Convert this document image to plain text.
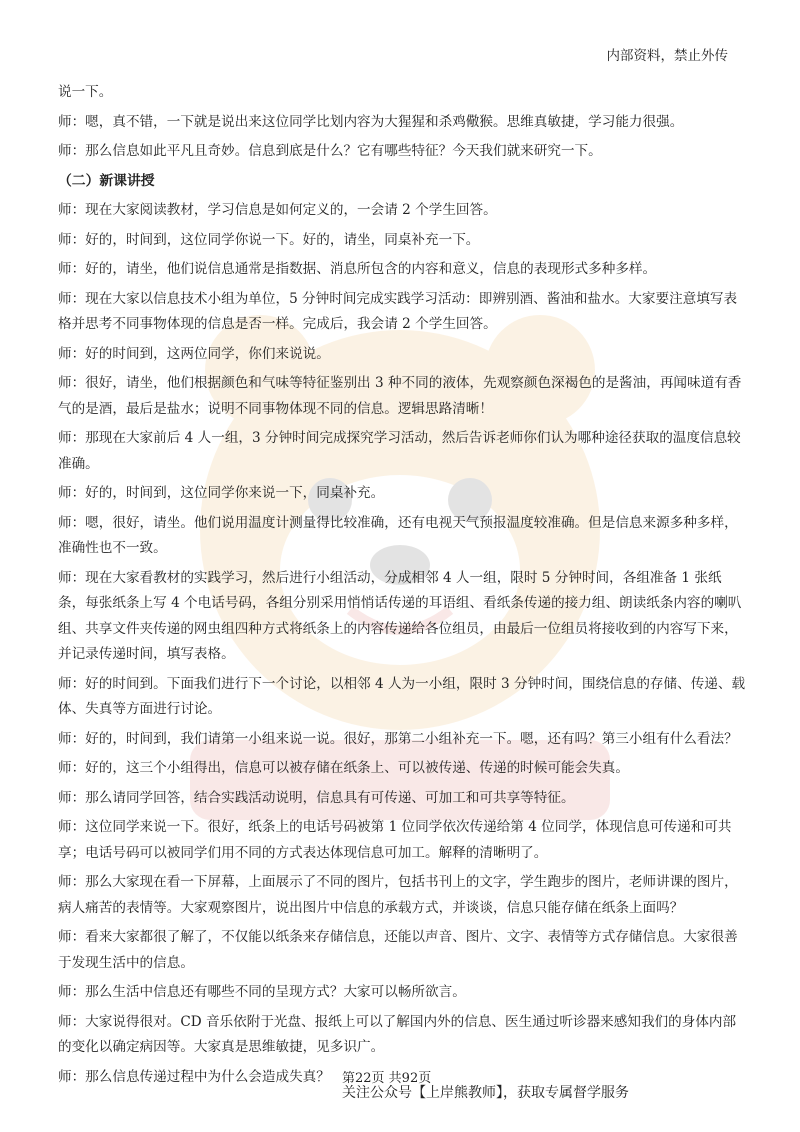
内部资料，禁止外传

说一下。

师：嗯，真不错，一下就是说出来这位同学比划内容为大猩猩和杀鸡儆猴。思维真敏捷，学习能力很强。

师：那么信息如此平凡且奇妙。信息到底是什么？它有哪些特征？今天我们就来研究一下。

（二）新课讲授

师：现在大家阅读教材，学习信息是如何定义的，一会请 2 个学生回答。

师：好的，时间到，这位同学你说一下。好的，请坐，同桌补充一下。

师：好的，请坐，他们说信息通常是指数据、消息所包含的内容和意义，信息的表现形式多种多样。

师：现在大家以信息技术小组为单位，5 分钟时间完成实践学习活动：即辨别酒、酱油和盐水。大家要注意填写表格并思考不同事物体现的信息是否一样。完成后，我会请 2 个学生回答。

师：好的时间到，这两位同学，你们来说说。

师：很好，请坐，他们根据颜色和气味等特征鉴别出 3 种不同的液体，先观察颜色深褐色的是酱油，再闻味道有香气的是酒，最后是盐水；说明不同事物体现不同的信息。逻辑思路清晰！

师：那现在大家前后 4 人一组，3 分钟时间完成探究学习活动，然后告诉老师你们认为哪种途径获取的温度信息较准确。

师：好的，时间到，这位同学你来说一下，同桌补充。

师：嗯，很好，请坐。他们说用温度计测量得比较准确，还有电视天气预报温度较准确。但是信息来源多种多样，准确性也不一致。

师：现在大家看教材的实践学习，然后进行小组活动，分成相邻 4 人一组，限时 5 分钟时间，各组准备 1 张纸条，每张纸条上写 4 个电话号码，各组分别采用悄悄话传递的耳语组、看纸条传递的接力组、朗读纸条内容的喇叭组、共享文件夹传递的网虫组四种方式将纸条上的内容传递给各位组员，由最后一位组员将接收到的内容写下来，并记录传递时间，填写表格。

师：好的时间到。下面我们进行下一个讨论，以相邻 4 人为一小组，限时 3 分钟时间，围绕信息的存储、传递、载体、失真等方面进行讨论。

师：好的，时间到，我们请第一小组来说一说。很好，那第二小组补充一下。嗯，还有吗？第三小组有什么看法？

师：好的，这三个小组得出，信息可以被存储在纸条上、可以被传递、传递的时候可能会失真。

师：那么请同学回答，结合实践活动说明，信息具有可传递、可加工和可共享等特征。

师：这位同学来说一下。很好，纸条上的电话号码被第 1 位同学依次传递给第 4 位同学，体现信息可传递和可共享；电话号码可以被同学们用不同的方式表达体现信息可加工。解释的清晰明了。

师：那么大家现在看一下屏幕，上面展示了不同的图片，包括书刊上的文字，学生跑步的图片，老师讲课的图片，病人痛苦的表情等。大家观察图片，说出图片中信息的承载方式，并谈谈，信息只能存储在纸条上面吗？

师：看来大家都很了解了，不仅能以纸条来存储信息，还能以声音、图片、文字、表情等方式存储信息。大家很善于发现生活中的信息。

师：那么生活中信息还有哪些不同的呈现方式？大家可以畅所欲言。

师：大家说得很对。CD 音乐依附于光盘、报纸上可以了解国内外的信息、医生通过听诊器来感知我们的身体内部的变化以确定病因等。大家真是思维敏捷，见多识广。

师：那么信息传递过程中为什么会造成失真？ 第22页 共92页
关注公众号【上岸熊教师】，获取专属督学服务
